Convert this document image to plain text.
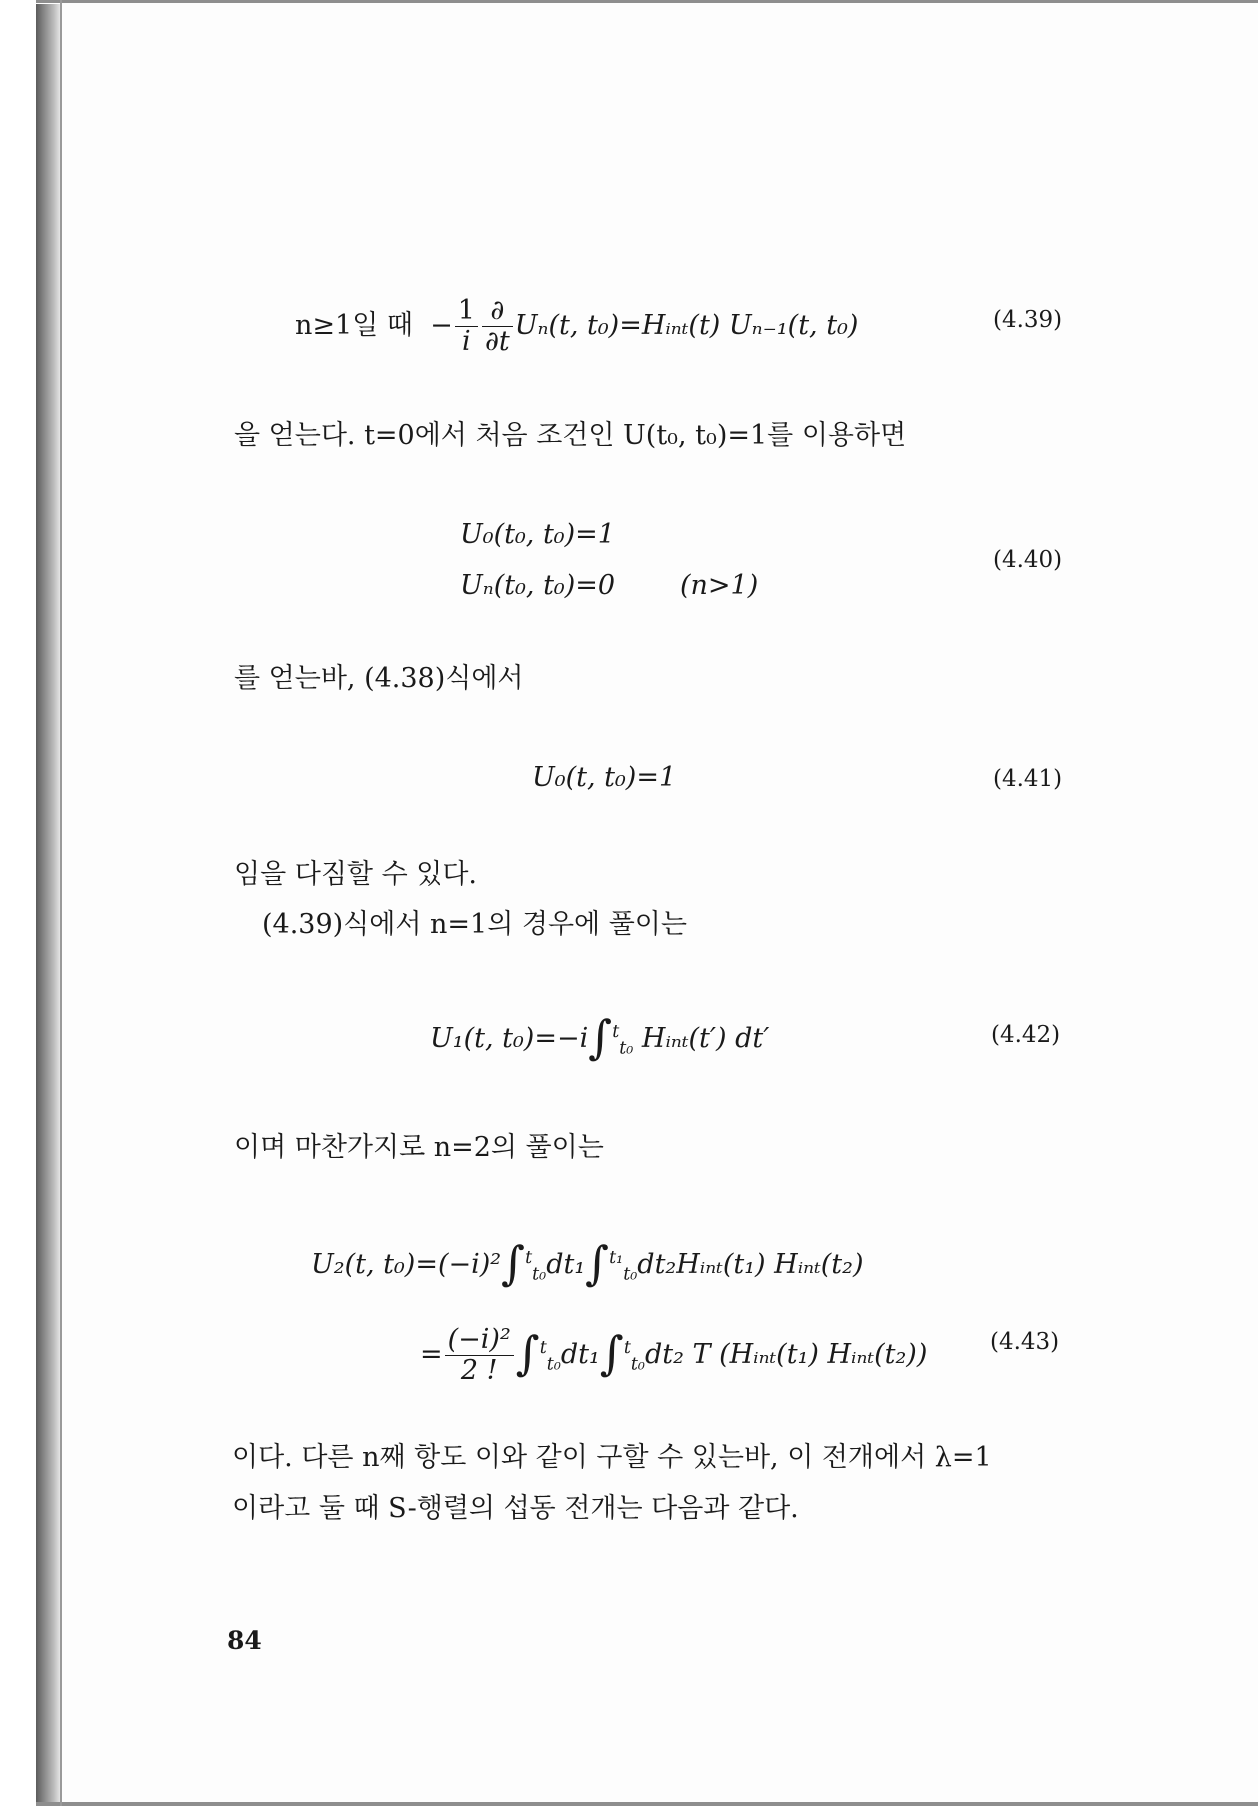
n≥1일 때  − $\frac{1}{i} \frac{\partial}{\partial t} U_n(t$, t₀)=Hᵢₙₜ(t) Uₙ₋₁(t, t₀)	(4.39)
을 얻는다. t=0에서 처음 조건인 U(t₀, t₀)=1를 이용하면
U₀(t₀, t₀)=1
Uₙ(t₀, t₀)=0 (n>1)
(4.40)
를 얻는바, (4.38)식에서
U₀(t, t₀)=1	(4.41)
임을 다짐할 수 있다.
(4.39)식에서 n=1의 경우에 풀이는
U₁(t, t₀)=−i∫$^t_{t_0}$ Hᵢₙₜ(t′) dt′	(4.42)
이며 마찬가지로 n=2의 풀이는
U₂(t, t₀)=(−i)²∫$^t_{t_0}$dt₁∫$^{t_1}_{t_0}$dt₂Hᵢₙₜ(t₁) Hᵢₙₜ(t₂)
= $\frac{\text{(−i)²}}{2 !} \int^t_{t_0}dt_1\int^t_{t_0}dt_2$ T (Hᵢₙₜ(t₁) Hᵢₙₜ(t₂))	(4.43)
이다. 다른 n째 항도 이와 같이 구할 수 있는바, 이 전개에서 λ=1
이라고 둘 때 S-행렬의 섭동 전개는 다음과 같다.
84
